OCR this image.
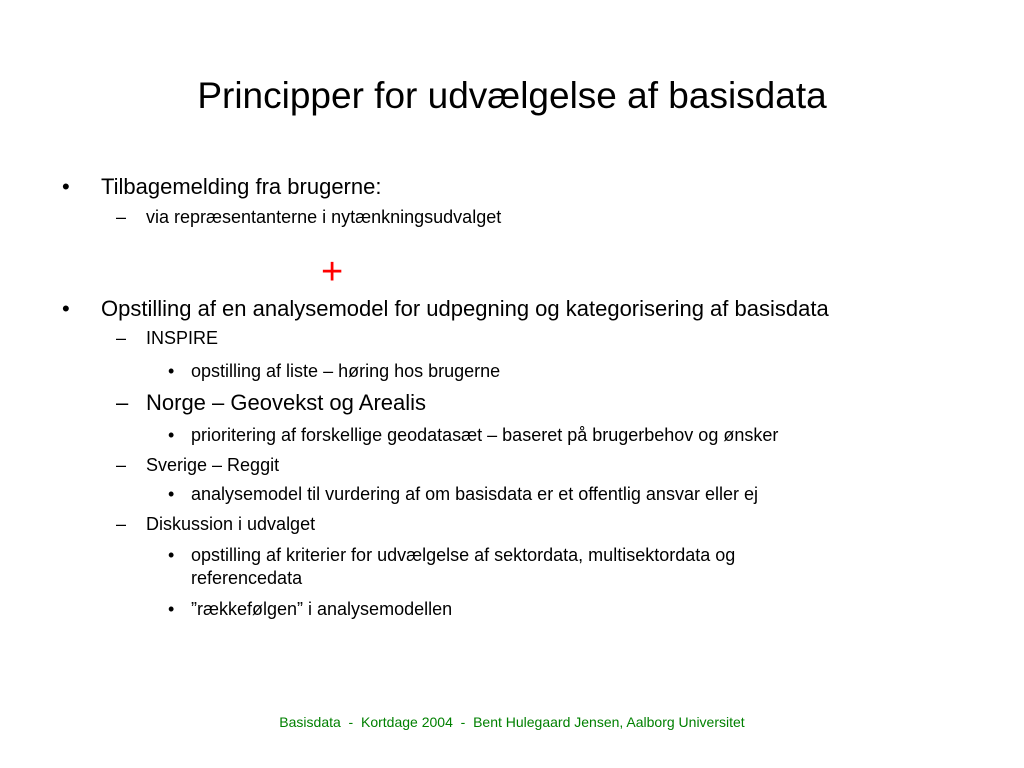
Principper for udvælgelse af basisdata
• Tilbagemelding fra brugerne:
– via repræsentanterne i nytænkningsudvalget
+
• Opstilling af en analysemodel for udpegning og kategorisering af basisdata
– INSPIRE
• opstilling af liste – høring hos brugerne
– Norge – Geovekst og Arealis
• prioritering af forskellige geodatasæt – baseret på brugerbehov og ønsker
– Sverige – Reggit
• analysemodel til vurdering af om basisdata er et offentlig ansvar eller ej
– Diskussion i udvalget
• opstilling af kriterier for udvælgelse af sektordata, multisektordata og
referencedata
• ”rækkefølgen” i analysemodellen
Basisdata  -  Kortdage 2004  -  Bent Hulegaard Jensen, Aalborg Universitet
